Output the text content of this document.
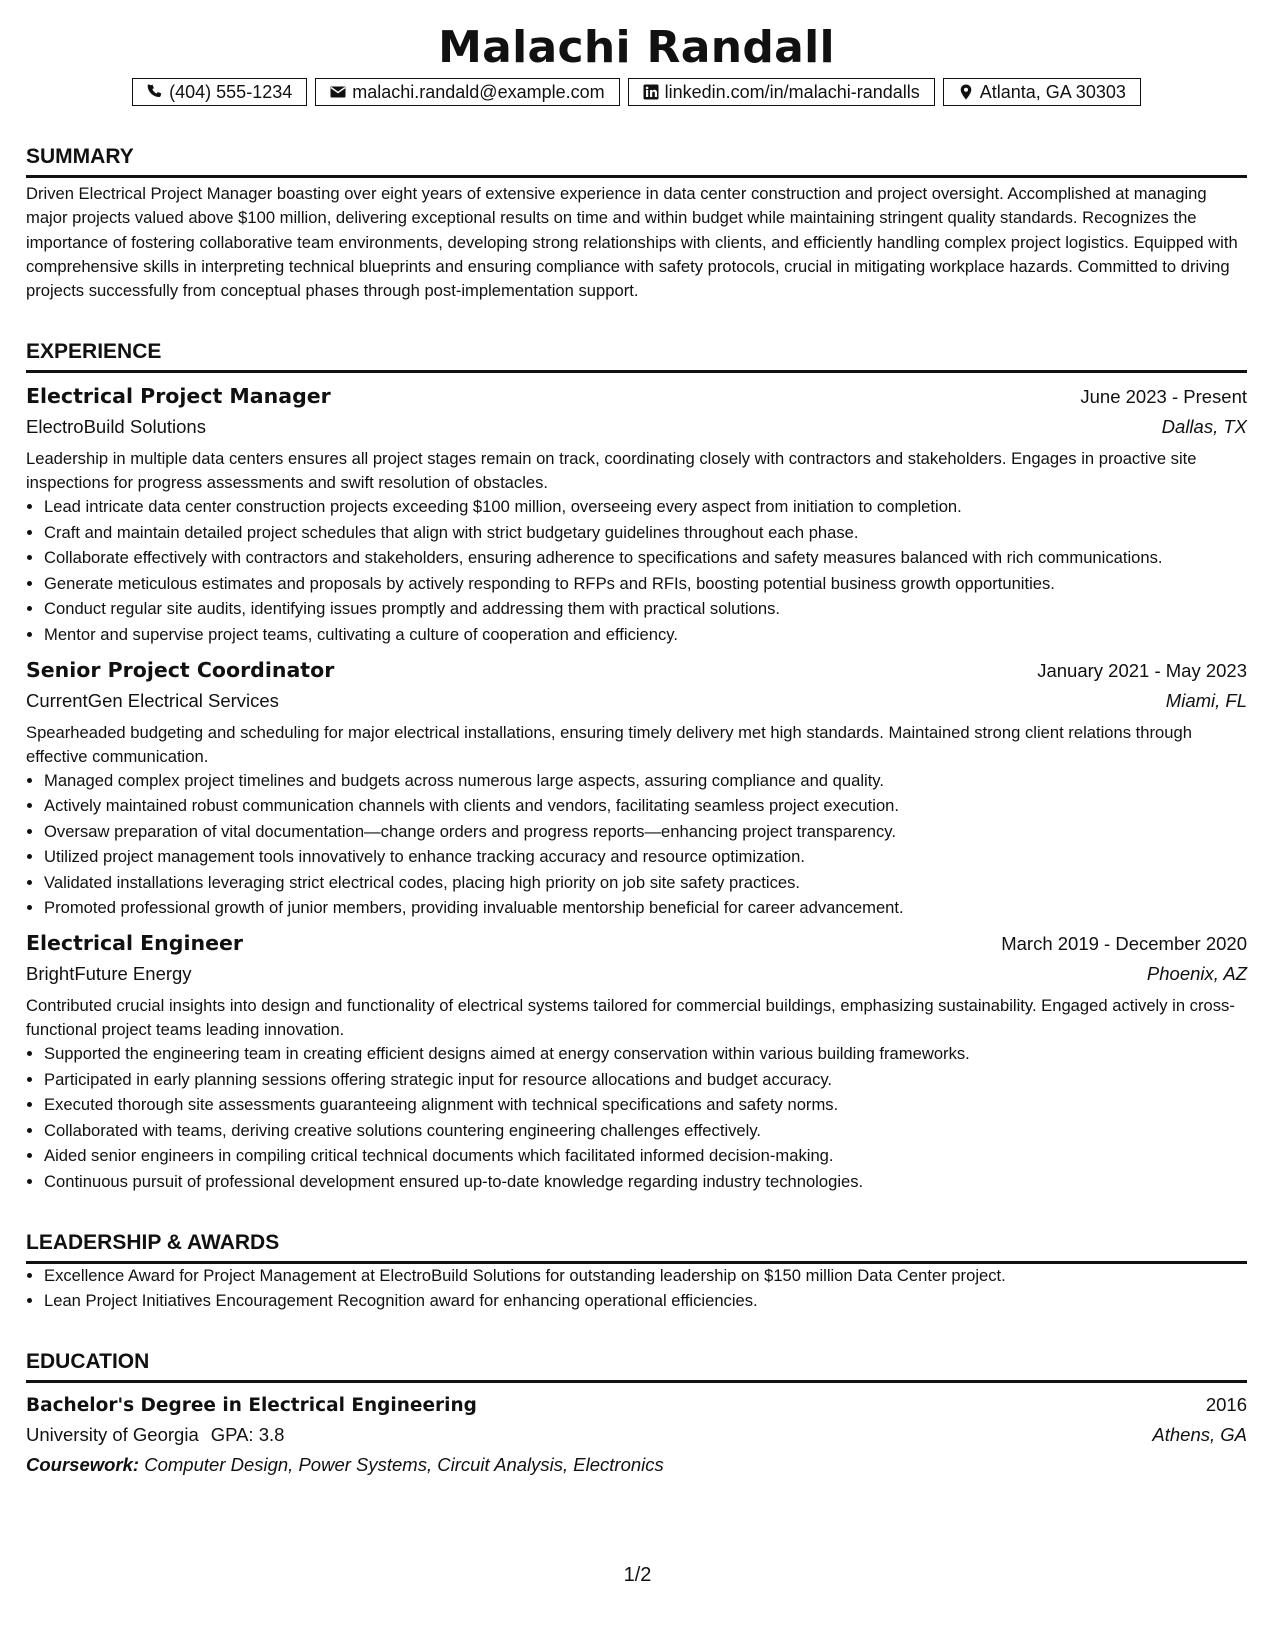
Malachi Randall
(404) 555-1234	malachi.randald@example.com	linkedin.com/in/malachi-randalls	Atlanta, GA 30303
SUMMARY
Driven Electrical Project Manager boasting over eight years of extensive experience in data center construction and project oversight. Accomplished at managing major projects valued above $100 million, delivering exceptional results on time and within budget while maintaining stringent quality standards. Recognizes the importance of fostering collaborative team environments, developing strong relationships with clients, and efficiently handling complex project logistics. Equipped with comprehensive skills in interpreting technical blueprints and ensuring compliance with safety protocols, crucial in mitigating workplace hazards. Committed to driving projects successfully from conceptual phases through post-implementation support.
EXPERIENCE
Electrical Project Manager	June 2023 - Present
ElectroBuild Solutions	Dallas, TX
Leadership in multiple data centers ensures all project stages remain on track, coordinating closely with contractors and stakeholders. Engages in proactive site inspections for progress assessments and swift resolution of obstacles.
• Lead intricate data center construction projects exceeding $100 million, overseeing every aspect from initiation to completion.
• Craft and maintain detailed project schedules that align with strict budgetary guidelines throughout each phase.
• Collaborate effectively with contractors and stakeholders, ensuring adherence to specifications and safety measures balanced with rich communications.
• Generate meticulous estimates and proposals by actively responding to RFPs and RFIs, boosting potential business growth opportunities.
• Conduct regular site audits, identifying issues promptly and addressing them with practical solutions.
• Mentor and supervise project teams, cultivating a culture of cooperation and efficiency.
Senior Project Coordinator	January 2021 - May 2023
CurrentGen Electrical Services	Miami, FL
Spearheaded budgeting and scheduling for major electrical installations, ensuring timely delivery met high standards. Maintained strong client relations through effective communication.
• Managed complex project timelines and budgets across numerous large aspects, assuring compliance and quality.
• Actively maintained robust communication channels with clients and vendors, facilitating seamless project execution.
• Oversaw preparation of vital documentation—change orders and progress reports—enhancing project transparency.
• Utilized project management tools innovatively to enhance tracking accuracy and resource optimization.
• Validated installations leveraging strict electrical codes, placing high priority on job site safety practices.
• Promoted professional growth of junior members, providing invaluable mentorship beneficial for career advancement.
Electrical Engineer	March 2019 - December 2020
BrightFuture Energy	Phoenix, AZ
Contributed crucial insights into design and functionality of electrical systems tailored for commercial buildings, emphasizing sustainability. Engaged actively in cross-functional project teams leading innovation.
• Supported the engineering team in creating efficient designs aimed at energy conservation within various building frameworks.
• Participated in early planning sessions offering strategic input for resource allocations and budget accuracy.
• Executed thorough site assessments guaranteeing alignment with technical specifications and safety norms.
• Collaborated with teams, deriving creative solutions countering engineering challenges effectively.
• Aided senior engineers in compiling critical technical documents which facilitated informed decision-making.
• Continuous pursuit of professional development ensured up-to-date knowledge regarding industry technologies.
LEADERSHIP & AWARDS
• Excellence Award for Project Management at ElectroBuild Solutions for outstanding leadership on $150 million Data Center project.
• Lean Project Initiatives Encouragement Recognition award for enhancing operational efficiencies.
EDUCATION
Bachelor's Degree in Electrical Engineering	2016
University of Georgia GPA: 3.8	Athens, GA
Coursework: Computer Design, Power Systems, Circuit Analysis, Electronics
1/2
